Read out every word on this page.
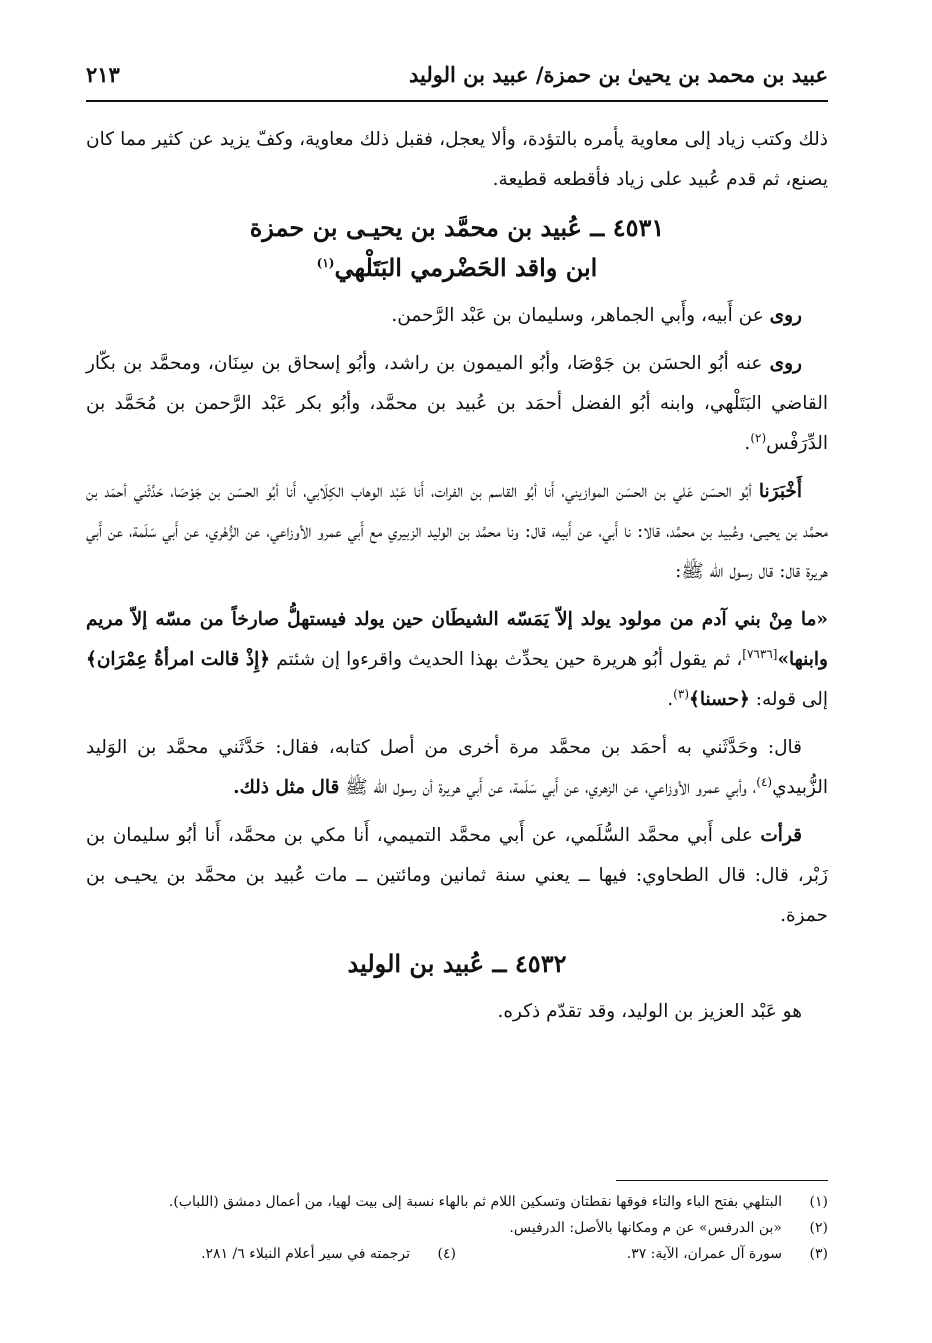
عبيد بن محمد بن يحيىٰ بن حمزة/ عبيد بن الوليد
٢١٣

ذلك وكتب زياد إلى معاوية يأمره بالتؤدة، وألا يعجل، فقبل ذلك معاوية، وكفّ يزيد عن كثير مما كان يصنع، ثم قدم عُبيد على زياد فأقطعه قطيعة.

٤٥٣١ ــ عُبيد بن محمَّد بن يحيـى بن حمزة
ابن واقد الحَضْرمي البَتَلْهي$^{(١)}$

روى عن أَبيه، وأَبي الجماهر، وسليمان بن عَبْد الرَّحمن.

روى عنه أبُو الحسَن بن جَوْصَا، وأبُو الميمون بن راشد، وأبُو إسحاق بن سِنَان، ومحمَّد بن بكّار القاضي البَتَلْهي، وابنه أبُو الفضل أحمَد بن عُبيد بن محمَّد، وأبُو بكر عَبْد الرَّحمن بن مُحَمَّد بن الدِّرَفْس$^{(٢)}$.

أَخْبَرَنا أبُو الحسَن عَلي بن الحسَن الموازيني، أَنا أبُو القاسم بن الفرات، أَنا عَبْد الوهاب الكِلَابي، أَنا أبُو الحسَن بن جَوْصَا، حَدَّثَني أحمَد بن محمَّد بن يحيـى، وعُبيد بن محمَّد، قالا: نا أَبي، عن أَبيه، قال: ونا محمَّد بن الوليد الزبيري مع أَبي عمرو الأوزاعي، عن الزُّهْري، عن أَبي سَلَمة، عن أَبي هريرة قال: قال رسول الله ﷺ:

«ما مِنْ بني آدم من مولود يولد إلاّ يَمَسّه الشيطَان حين يولد فيستهلُّ صارخاً من مسّه إلاّ مريم وابنها»[٧٦٣٦]، ثم يقول أبُو هريرة حين يحدِّث بهذا الحديث واقرءوا إن شئتم ﴿إِذْ قالت امرأةُ عِمْرَان﴾ إلى قوله: ﴿حسنا﴾$^{(٣)}$.

قال: وحَدَّثَني به أحمَد بن محمَّد مرة أخرى من أصل كتابه، فقال: حَدَّثَني محمَّد بن الوَليد الزُّبيدي$^{(٤)}$، وأبي عمرو الأوزاعي، عن الزهري، عن أَبي سَلَمة، عن أَبي هريرة أن رسول الله ﷺ قال مثل ذلك.

قرأت على أَبي محمَّد السُّلَمي، عن أَبي محمَّد التميمي، أَنا مكي بن محمَّد، أَنا أبُو سليمان بن زَبْر، قال: قال الطحاوي: فيها ــ يعني سنة ثمانين ومائتين ــ مات عُبيد بن محمَّد بن يحيـى بن حمزة.

٤٥٣٢ ــ عُبيد بن الوليد

هو عَبْد العزيز بن الوليد، وقد تقدّم ذكره.

(١)
البتلهي بفتح الباء والتاء فوقها نقطتان وتسكين اللام ثم بالهاء نسبة إلى بيت لهيا، من أعمال دمشق (اللباب).
(٢)
«بن الدرفس» عن م ومكانها بالأصل: الدرفيس.
(٣)
سورة آل عمران، الآية: ٣٧.
(٤)
ترجمته في سير أعلام النبلاء ٦/ ٢٨١.
